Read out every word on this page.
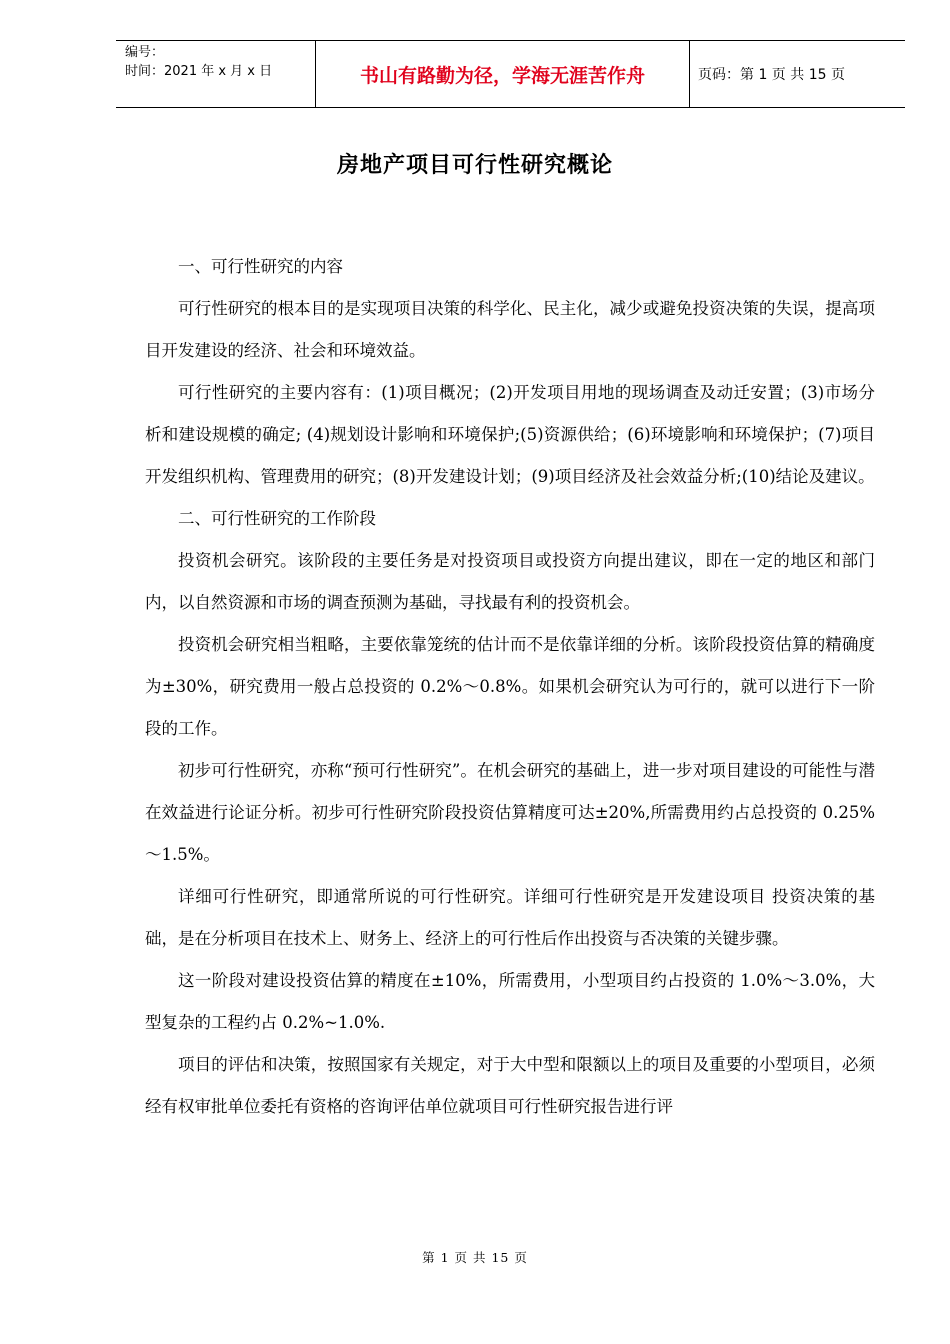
编号：
时间：2021 年 x 月 x 日	书山有路勤为径，学海无涯苦作舟	页码：第 1 页 共 15 页
房地产项目可行性研究概论

一、可行性研究的内容

可行性研究的根本目的是实现项目决策的科学化、民主化，减少或避免投资决策的失误，提高项目开发建设的经济、社会和环境效益。

可行性研究的主要内容有：(1)项目概况；(2)开发项目用地的现场调查及动迁安置；(3)市场分析和建设规模的确定; (4)规划设计影响和环境保护;(5)资源供给；(6)环境影响和环境保护；(7)项目开发组织机构、管理费用的研究；(8)开发建设计划；(9)项目经济及社会效益分析;(10)结论及建议。

二、可行性研究的工作阶段

投资机会研究。该阶段的主要任务是对投资项目或投资方向提出建议，即在一定的地区和部门内，以自然资源和市场的调查预测为基础，寻找最有利的投资机会。

投资机会研究相当粗略，主要依靠笼统的估计而不是依靠详细的分析。该阶段投资估算的精确度为±30%，研究费用一般占总投资的 0.2%～0.8%。如果机会研究认为可行的，就可以进行下一阶段的工作。

初步可行性研究，亦称“预可行性研究”。在机会研究的基础上，进一步对项目建设的可能性与潜在效益进行论证分析。初步可行性研究阶段投资估算精度可达±20%,所需费用约占总投资的 0.25%～1.5%。

详细可行性研究，即通常所说的可行性研究。详细可行性研究是开发建设项目 投资决策的基础，是在分析项目在技术上、财务上、经济上的可行性后作出投资与否决策的关键步骤。

这一阶段对建设投资估算的精度在±10%，所需费用，小型项目约占投资的 1.0%～3.0%，大型复杂的工程约占 0.2%~1.0%.

项目的评估和决策，按照国家有关规定，对于大中型和限额以上的项目及重要的小型项目，必须经有权审批单位委托有资格的咨询评估单位就项目可行性研究报告进行评

第 1 页 共 15 页
